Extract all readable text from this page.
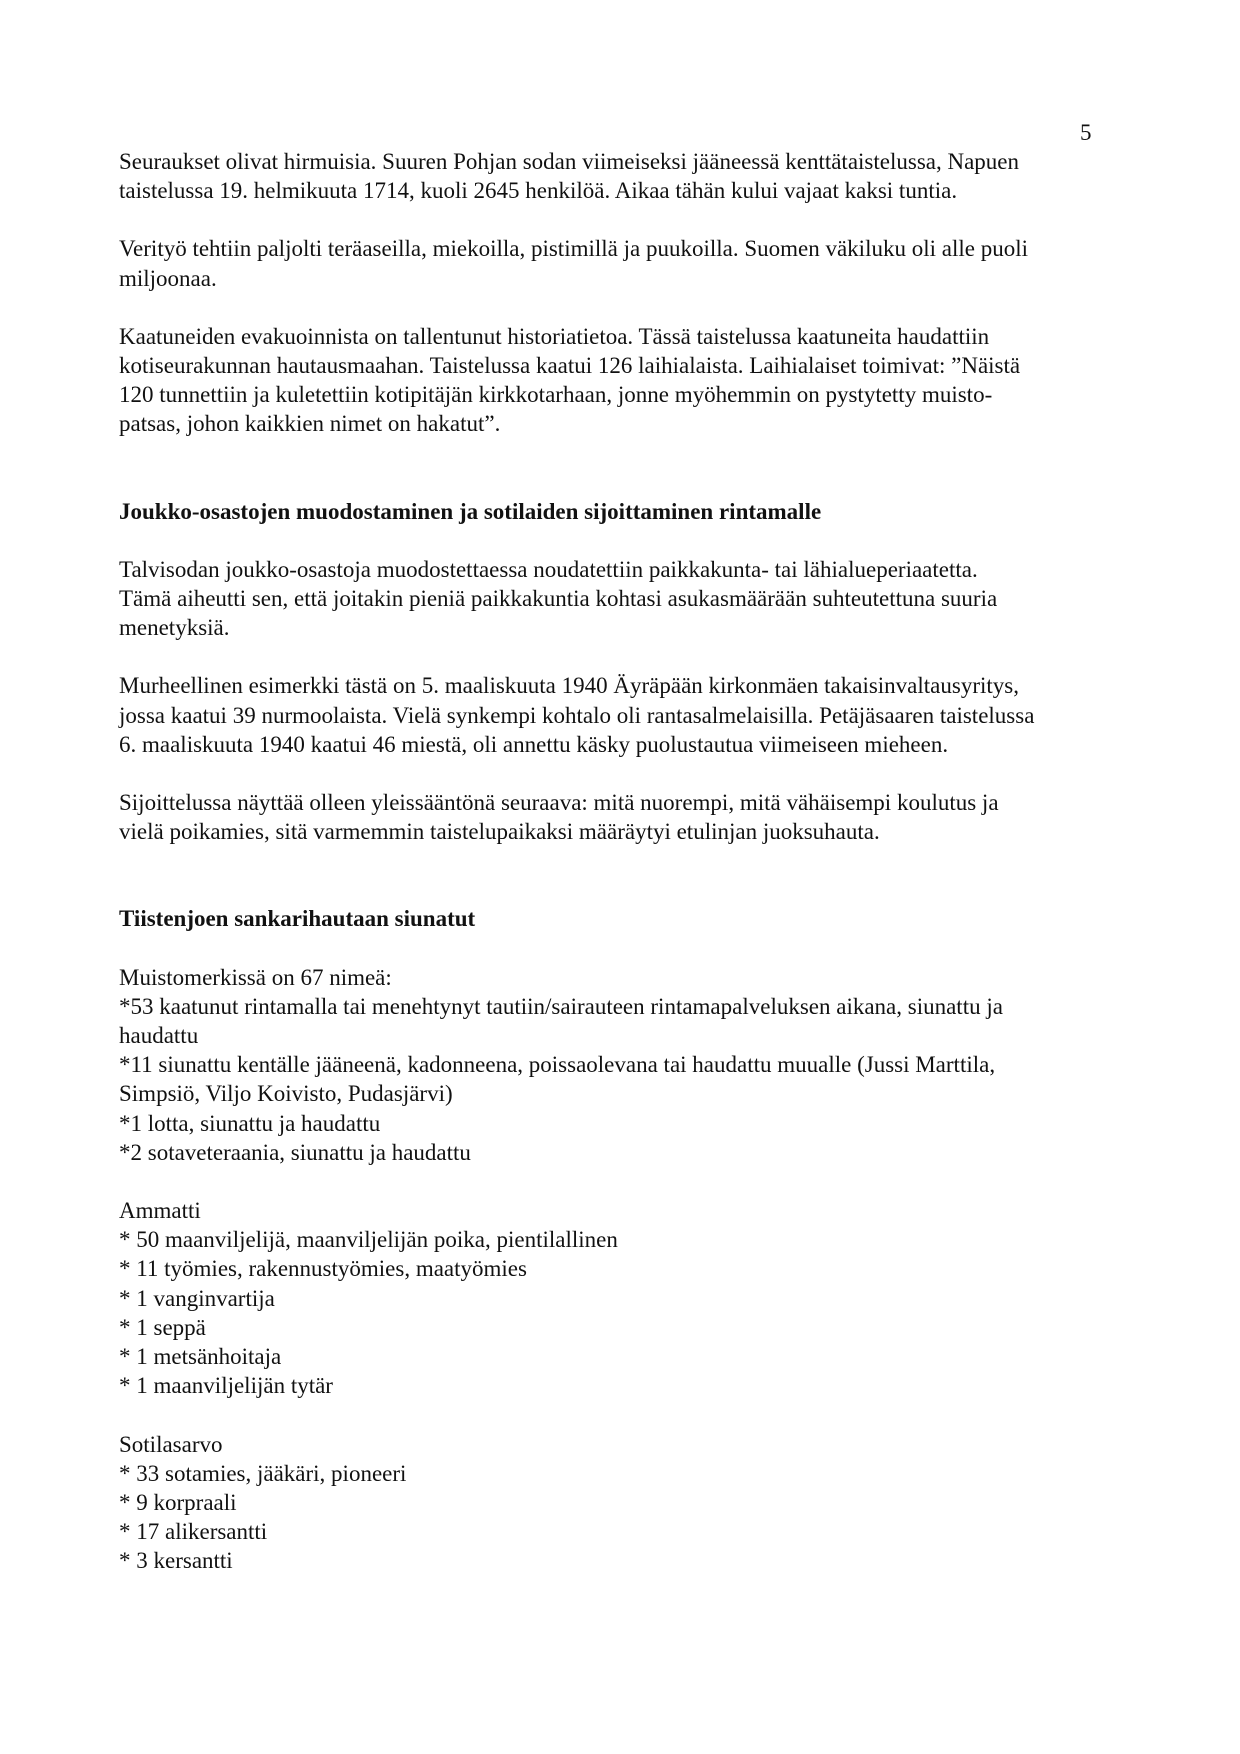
5

Seuraukset olivat hirmuisia. Suuren Pohjan sodan viimeiseksi jääneessä kenttätaistelussa, Napuen
taistelussa 19. helmikuuta 1714, kuoli 2645 henkilöä. Aikaa tähän kului vajaat kaksi tuntia.

Verityö tehtiin paljolti teräaseilla, miekoilla, pistimillä ja puukoilla. Suomen väkiluku oli alle puoli
miljoonaa.

Kaatuneiden evakuoinnista on tallentunut historiatietoa. Tässä taistelussa kaatuneita haudattiin
kotiseurakunnan hautausmaahan. Taistelussa kaatui 126 laihialaista. Laihialaiset toimivat: ”Näistä
120 tunnettiin ja kuletettiin kotipitäjän kirkkotarhaan, jonne myöhemmin on pystytetty muisto-
patsas, johon kaikkien nimet on hakatut”.

Joukko-osastojen muodostaminen ja sotilaiden sijoittaminen rintamalle

Talvisodan joukko-osastoja muodostettaessa noudatettiin paikkakunta- tai lähialueperiaatetta.
Tämä aiheutti sen, että joitakin pieniä paikkakuntia kohtasi asukasmäärään suhteutettuna suuria
menetyksiä.

Murheellinen esimerkki tästä on 5. maaliskuuta 1940 Äyräpään kirkonmäen takaisinvaltausyritys,
jossa kaatui 39 nurmoolaista. Vielä synkempi kohtalo oli rantasalmelaisilla. Petäjäsaaren taistelussa
6. maaliskuuta 1940 kaatui 46 miestä, oli annettu käsky puolustautua viimeiseen mieheen.

Sijoittelussa näyttää olleen yleissääntönä seuraava: mitä nuorempi, mitä vähäisempi koulutus ja
vielä poikamies, sitä varmemmin taistelupaikaksi määräytyi etulinjan juoksuhauta.

Tiistenjoen sankarihautaan siunatut

Muistomerkissä on 67 nimeä:

*53 kaatunut rintamalla tai menehtynyt tautiin/sairauteen rintamapalveluksen aikana, siunattu ja
haudattu
*11 siunattu kentälle jääneenä, kadonneena, poissaolevana tai haudattu muualle (Jussi Marttila,
Simpsiö, Viljo Koivisto, Pudasjärvi)
*1 lotta, siunattu ja haudattu
*2 sotaveteraania, siunattu ja haudattu

Ammatti

* 50 maanviljelijä, maanviljelijän poika, pientilallinen
* 11 työmies, rakennustyömies, maatyömies
* 1 vanginvartija
* 1 seppä
* 1 metsänhoitaja
* 1 maanviljelijän tytär

Sotilasarvo

* 33 sotamies, jääkäri, pioneeri
* 9 korpraali
* 17 alikersantti
* 3 kersantti
